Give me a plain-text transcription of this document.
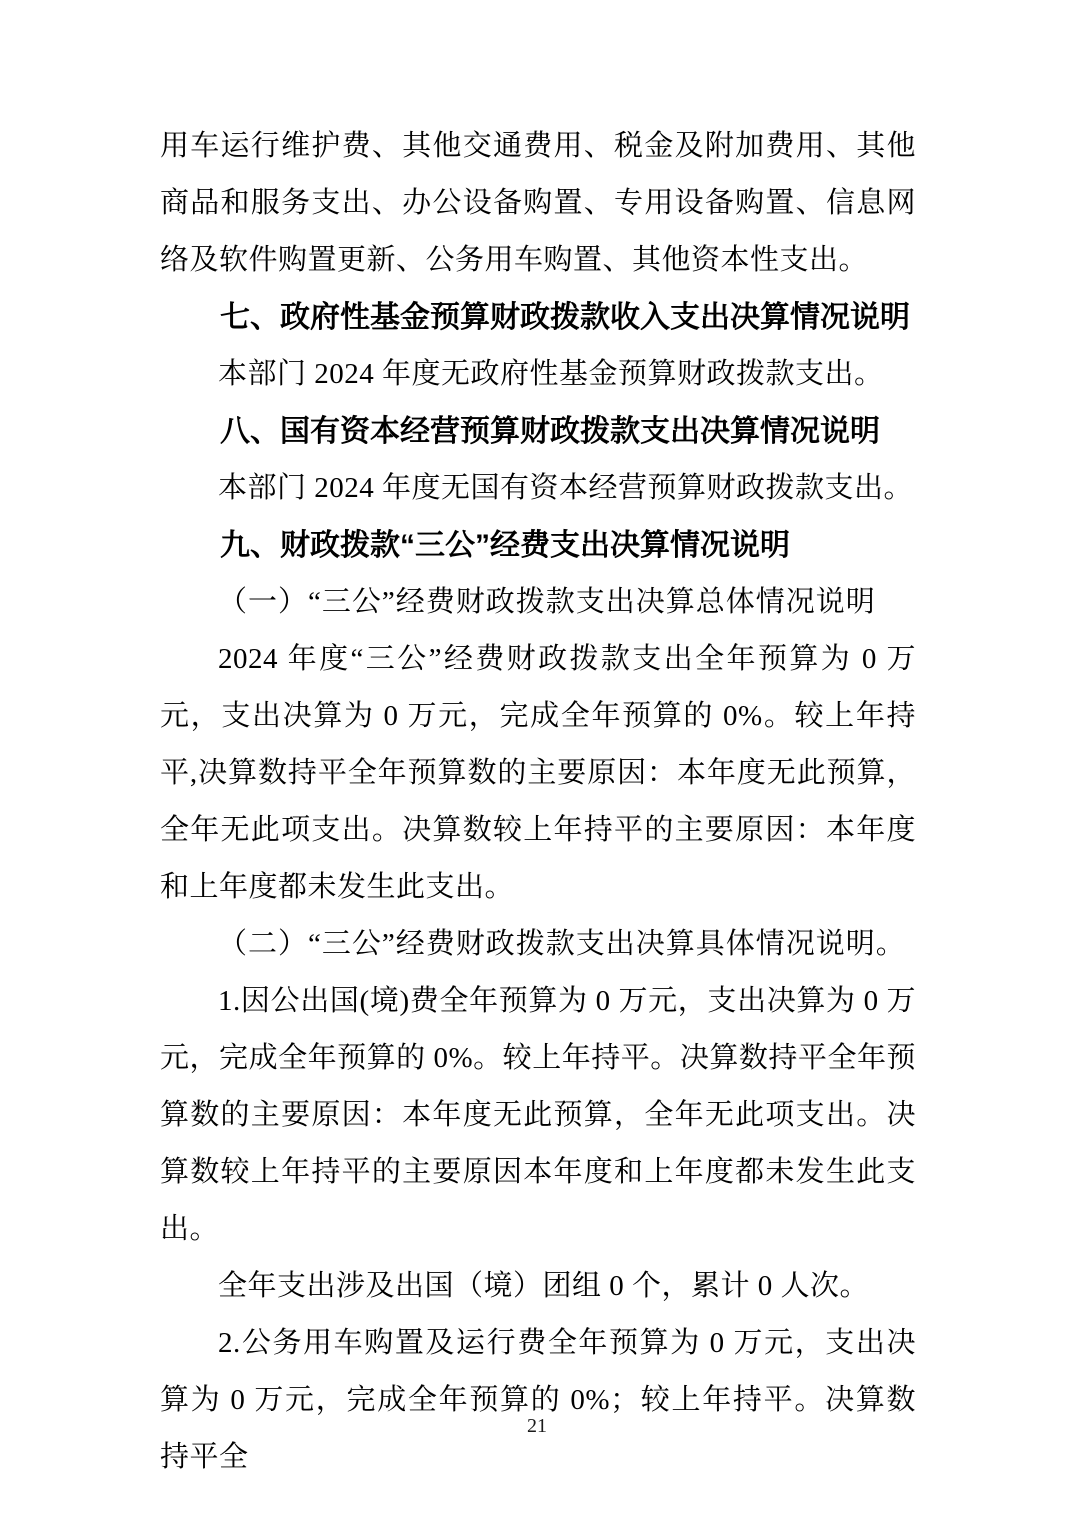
用车运行维护费、其他交通费用、税金及附加费用、其他商品和服务支出、办公设备购置、专用设备购置、信息网络及软件购置更新、公务用车购置、其他资本性支出。

七、政府性基金预算财政拨款收入支出决算情况说明

本部门 2024 年度无政府性基金预算财政拨款支出。

八、国有资本经营预算财政拨款支出决算情况说明

本部门 2024 年度无国有资本经营预算财政拨款支出。

九、财政拨款“三公”经费支出决算情况说明

（一）“三公”经费财政拨款支出决算总体情况说明

2024 年度“三公”经费财政拨款支出全年预算为 0 万元，支出决算为 0 万元，完成全年预算的 0%。较上年持平,决算数持平全年预算数的主要原因：本年度无此预算，全年无此项支出。决算数较上年持平的主要原因：本年度和上年度都未发生此支出。

（二）“三公”经费财政拨款支出决算具体情况说明。

1.因公出国(境)费全年预算为 0 万元，支出决算为 0 万元，完成全年预算的 0%。较上年持平。决算数持平全年预算数的主要原因：本年度无此预算，全年无此项支出。决算数较上年持平的主要原因本年度和上年度都未发生此支出。

全年支出涉及出国（境）团组 0 个，累计 0 人次。

2.公务用车购置及运行费全年预算为 0 万元，支出决算为 0 万元，完成全年预算的 0%；较上年持平。决算数持平全

21
